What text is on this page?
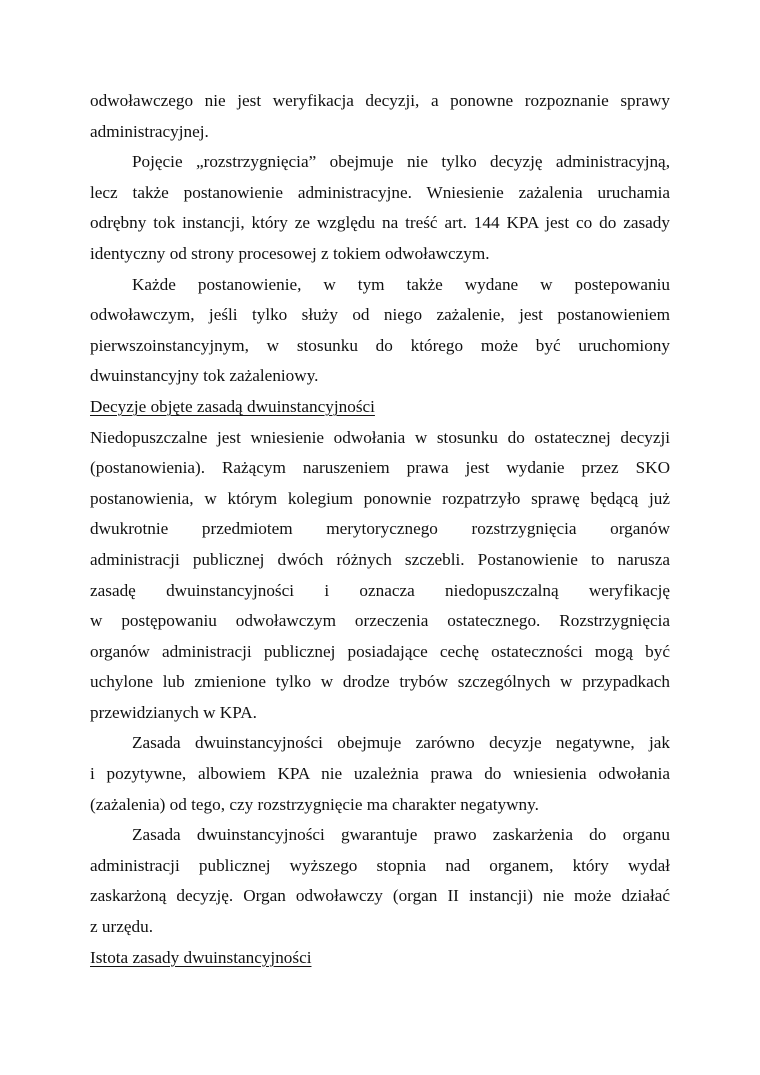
odwoławczego nie jest weryfikacja decyzji, a ponowne rozpoznanie sprawy
administracyjnej.
Pojęcie „rozstrzygnięcia” obejmuje nie tylko decyzję administracyjną,
lecz także postanowienie administracyjne. Wniesienie zażalenia uruchamia
odrębny tok instancji, który ze względu na treść art. 144 KPA jest co do zasady
identyczny od strony procesowej z tokiem odwoławczym.
Każde postanowienie, w tym także wydane w postepowaniu
odwoławczym, jeśli tylko służy od niego zażalenie, jest postanowieniem
pierwszoinstancyjnym, w stosunku do którego może być uruchomiony
dwuinstancyjny tok zażaleniowy.
Decyzje objęte zasadą dwuinstancyjności
Niedopuszczalne jest wniesienie odwołania w stosunku do ostatecznej decyzji
(postanowienia). Rażącym naruszeniem prawa jest wydanie przez SKO
postanowienia, w którym kolegium ponownie rozpatrzyło sprawę będącą już
dwukrotnie przedmiotem merytorycznego rozstrzygnięcia organów
administracji publicznej dwóch różnych szczebli. Postanowienie to narusza
zasadę dwuinstancyjności i oznacza niedopuszczalną weryfikację
w postępowaniu odwoławczym orzeczenia ostatecznego. Rozstrzygnięcia
organów administracji publicznej posiadające cechę ostateczności mogą być
uchylone lub zmienione tylko w drodze trybów szczególnych w przypadkach
przewidzianych w KPA.
Zasada dwuinstancyjności obejmuje zarówno decyzje negatywne, jak
i pozytywne, albowiem KPA nie uzależnia prawa do wniesienia odwołania
(zażalenia) od tego, czy rozstrzygnięcie ma charakter negatywny.
Zasada dwuinstancyjności gwarantuje prawo zaskarżenia do organu
administracji publicznej wyższego stopnia nad organem, który wydał
zaskarżoną decyzję. Organ odwoławczy (organ II instancji) nie może działać
z urzędu.
Istota zasady dwuinstancyjności
